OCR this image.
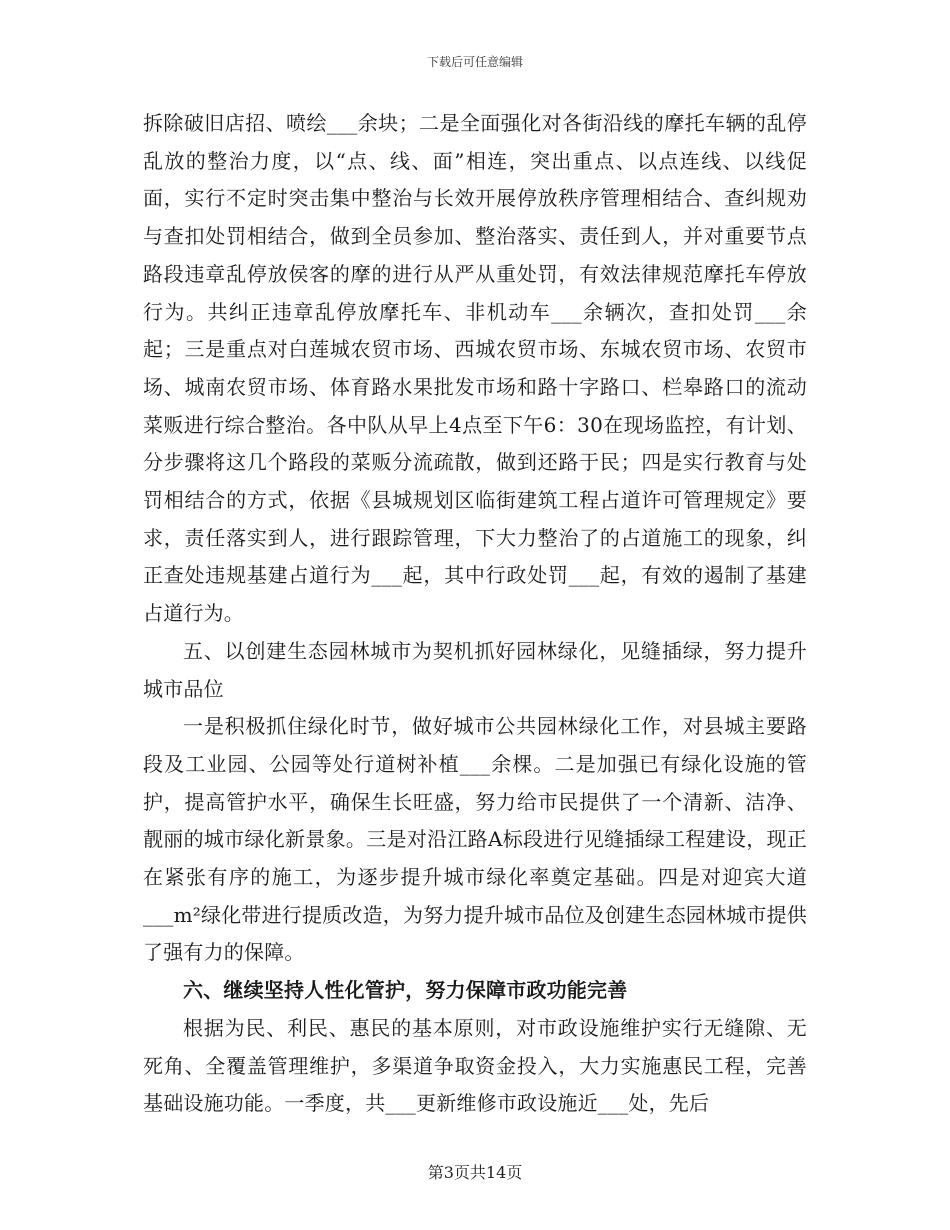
下载后可任意编辑

拆除破旧店招、喷绘___余块；二是全面强化对各街沿线的摩托车辆的乱停乱放的整治力度，以“点、线、面”相连，突出重点、以点连线、以线促面，实行不定时突击集中整治与长效开展停放秩序管理相结合、查纠规劝与查扣处罚相结合，做到全员参加、整治落实、责任到人，并对重要节点路段违章乱停放侯客的摩的进行从严从重处罚，有效法律规范摩托车停放行为。共纠正违章乱停放摩托车、非机动车___余辆次，查扣处罚___余起；三是重点对白莲城农贸市场、西城农贸市场、东城农贸市场、农贸市场、城南农贸市场、体育路水果批发市场和路十字路口、栏皋路口的流动菜贩进行综合整治。各中队从早上4点至下午6：30在现场监控，有计划、分步骤将这几个路段的菜贩分流疏散，做到还路于民；四是实行教育与处罚相结合的方式，依据《县城规划区临街建筑工程占道许可管理规定》要求，责任落实到人，进行跟踪管理，下大力整治了的占道施工的现象，纠正查处违规基建占道行为___起，其中行政处罚___起，有效的遏制了基建占道行为。

五、以创建生态园林城市为契机抓好园林绿化，见缝插绿，努力提升城市品位

一是积极抓住绿化时节，做好城市公共园林绿化工作，对县城主要路段及工业园、公园等处行道树补植___余棵。二是加强已有绿化设施的管护，提高管护水平，确保生长旺盛，努力给市民提供了一个清新、洁净、靓丽的城市绿化新景象。三是对沿江路A标段进行见缝插绿工程建设，现正在紧张有序的施工，为逐步提升城市绿化率奠定基础。四是对迎宾大道___m²绿化带进行提质改造，为努力提升城市品位及创建生态园林城市提供了强有力的保障。

六、继续坚持人性化管护，努力保障市政功能完善

根据为民、利民、惠民的基本原则，对市政设施维护实行无缝隙、无死角、全覆盖管理维护，多渠道争取资金投入，大力实施惠民工程，完善基础设施功能。一季度，共___更新维修市政设施近___处，先后

第3页共14页
